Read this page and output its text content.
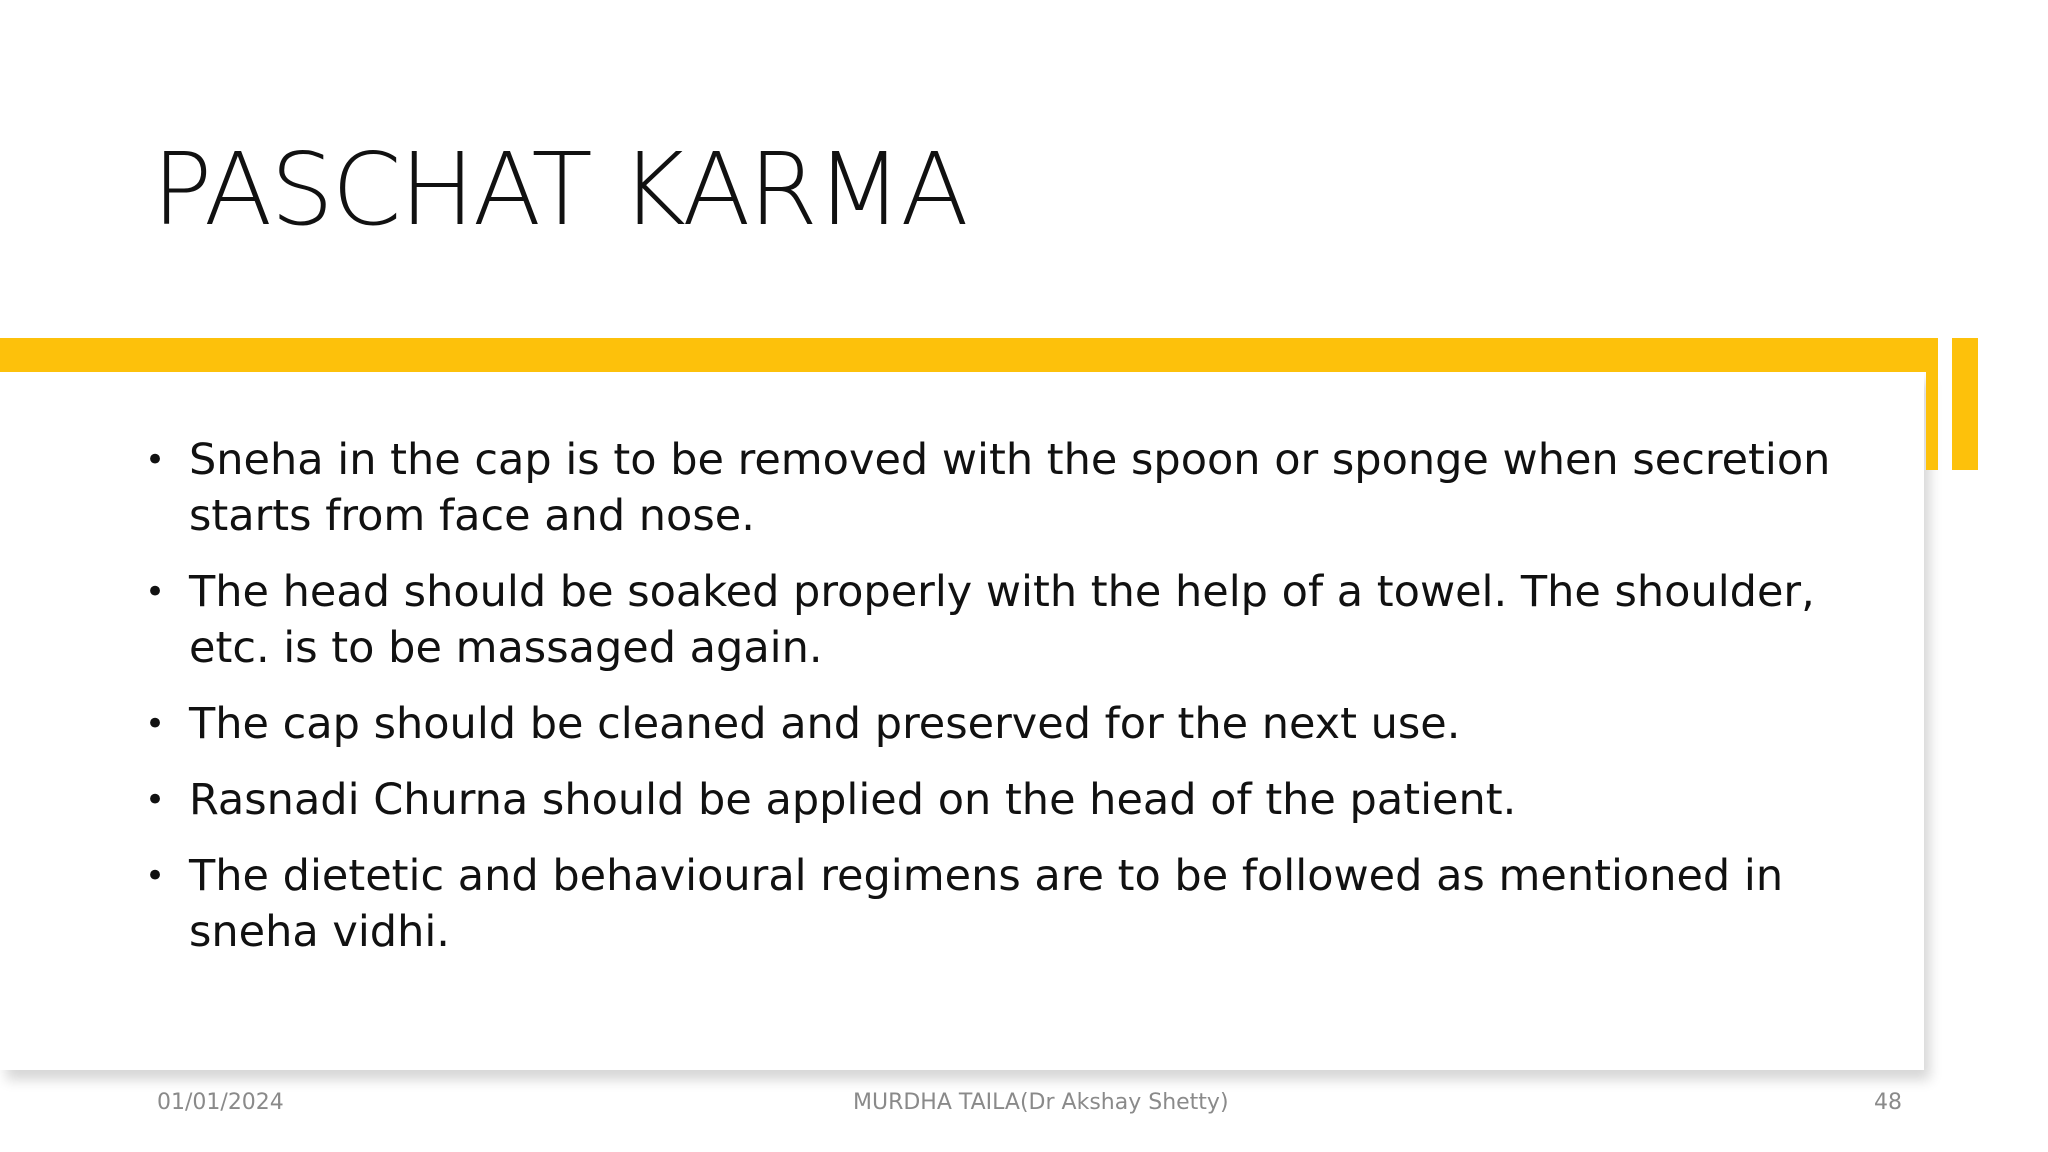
PASCHAT KARMA
• Sneha in the cap is to be removed with the spoon or sponge when secretion starts from face and nose.
• The head should be soaked properly with the help of a towel. The shoulder, etc. is to be massaged again.
• The cap should be cleaned and preserved for the next use.
• Rasnadi Churna should be applied on the head of the patient.
• The dietetic and behavioural regimens are to be followed as mentioned in sneha vidhi.
01/01/2024	MURDHA TAILA(Dr Akshay Shetty)	48
